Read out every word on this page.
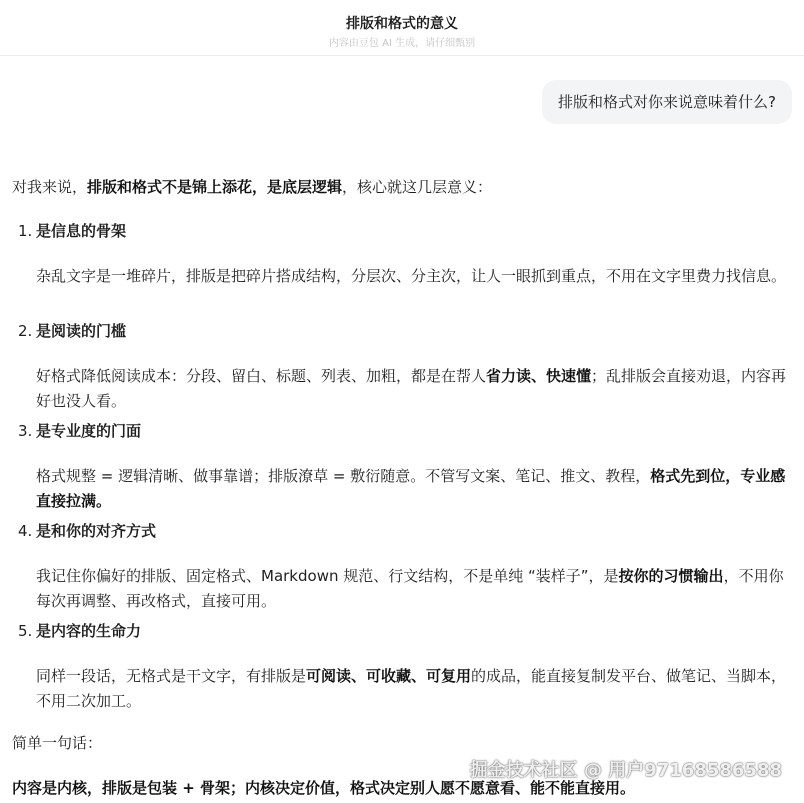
排版和格式的意义
内容由豆包 AI 生成，请仔细甄别
排版和格式对你来说意味着什么?
对我来说，排版和格式不是锦上添花，是底层逻辑，核心就这几层意义：
1. 是信息的骨架
杂乱文字是一堆碎片，排版是把碎片搭成结构，分层次、分主次，让人一眼抓到重点，不用在文字里费力找信息。
2. 是阅读的门槛
好格式降低阅读成本：分段、留白、标题、列表、加粗，都是在帮人省力读、快速懂；乱排版会直接劝退，内容再好也没人看。
3. 是专业度的门面
格式规整 = 逻辑清晰、做事靠谱；排版潦草 = 敷衍随意。不管写文案、笔记、推文、教程，格式先到位，专业感直接拉满。
4. 是和你的对齐方式
我记住你偏好的排版、固定格式、Markdown 规范、行文结构，不是单纯 “装样子”，是按你的习惯输出，不用你每次再调整、再改格式，直接可用。
5. 是内容的生命力
同样一段话，无格式是干文字，有排版是可阅读、可收藏、可复用的成品，能直接复制发平台、做笔记、当脚本，不用二次加工。
简单一句话：
内容是内核，排版是包装 + 骨架；内核决定价值，格式决定别人愿不愿意看、能不能直接用。
掘金技术社区 @ 用户97168586588
